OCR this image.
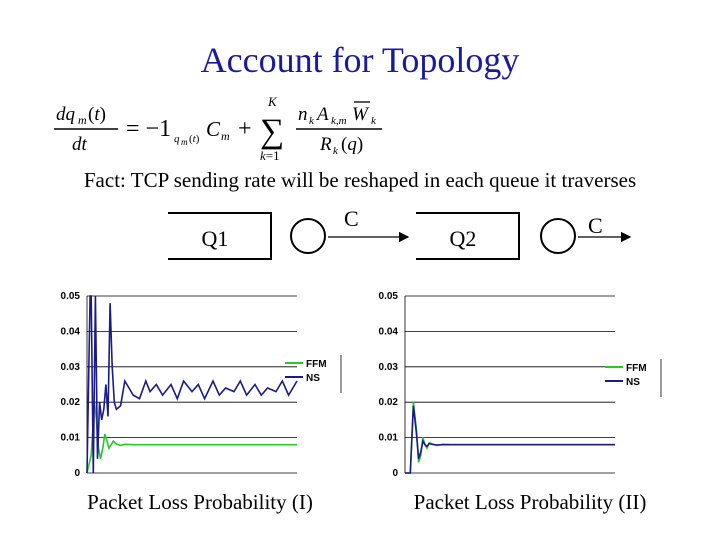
Account for Topology
dq m (t)
dt
= −1 q m (t) C m +
K
∑
k=1
n k A k,m W k
R k (q)
Fact: TCP sending rate will be reshaped in each queue it traverses
Q1
C
Q2
C
0
0.01
0.02
0.03
0.04
0.05
FFM
NS
0
0.01
0.02
0.03
0.04
0.05
FFM
NS
Packet Loss Probability (I)	Packet Loss Probability (II)
